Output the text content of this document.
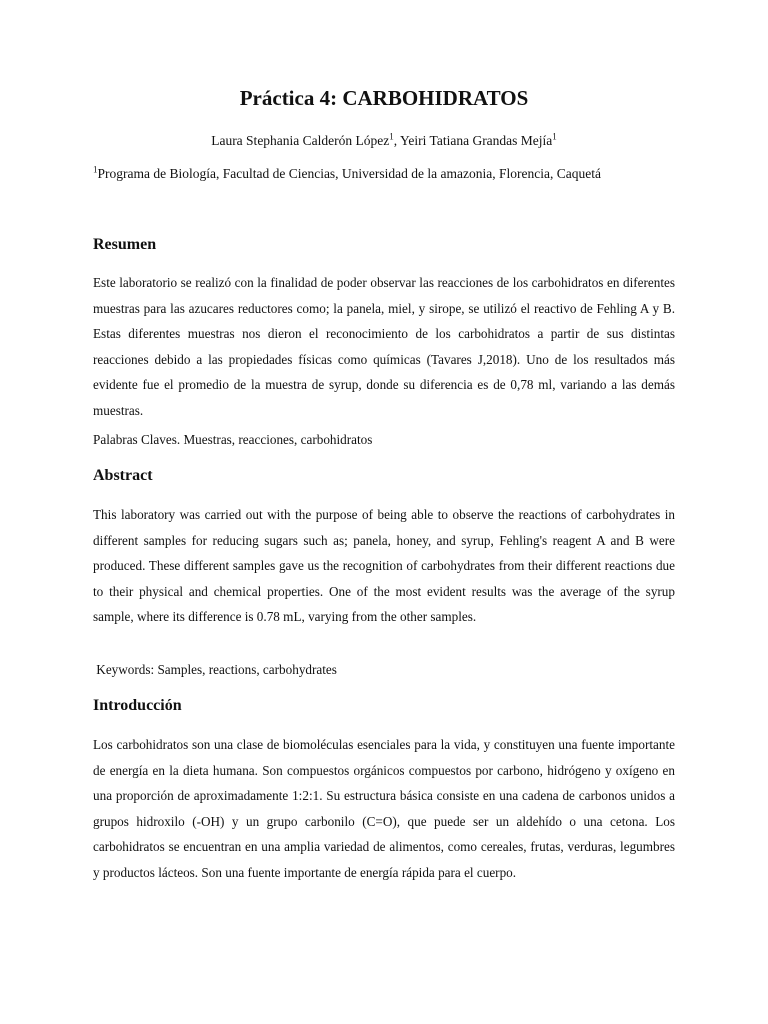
Práctica 4: CARBOHIDRATOS

Laura Stephania Calderón López$^1$, Yeiri Tatiana Grandas Mejía$^1$

$^1$Programa de Biología, Facultad de Ciencias, Universidad de la amazonia, Florencia, Caquetá

Resumen

Este laboratorio se realizó con la finalidad de poder observar las reacciones de los carbohidratos en diferentes muestras para las azucares reductores como; la panela, miel, y sirope, se utilizó el reactivo de Fehling A y B. Estas diferentes muestras nos dieron el reconocimiento de los carbohidratos a partir de sus distintas reacciones debido a las propiedades físicas como químicas (Tavares J,2018). Uno de los resultados más evidente fue el promedio de la muestra de syrup, donde su diferencia es de 0,78 ml, variando a las demás muestras.

Palabras Claves. Muestras, reacciones, carbohidratos

Abstract

This laboratory was carried out with the purpose of being able to observe the reactions of carbohydrates in different samples for reducing sugars such as; panela, honey, and syrup, Fehling's reagent A and B were produced. These different samples gave us the recognition of carbohydrates from their different reactions due to their physical and chemical properties. One of the most evident results was the average of the syrup sample, where its difference is 0.78 mL, varying from the other samples.

Keywords: Samples, reactions, carbohydrates

Introducción

Los carbohidratos son una clase de biomoléculas esenciales para la vida, y constituyen una fuente importante de energía en la dieta humana. Son compuestos orgánicos compuestos por carbono, hidrógeno y oxígeno en una proporción de aproximadamente 1:2:1. Su estructura básica consiste en una cadena de carbonos unidos a grupos hidroxilo (-OH) y un grupo carbonilo (C=O), que puede ser un aldehído o una cetona. Los carbohidratos se encuentran en una amplia variedad de alimentos, como cereales, frutas, verduras, legumbres y productos lácteos. Son una fuente importante de energía rápida para el cuerpo.
